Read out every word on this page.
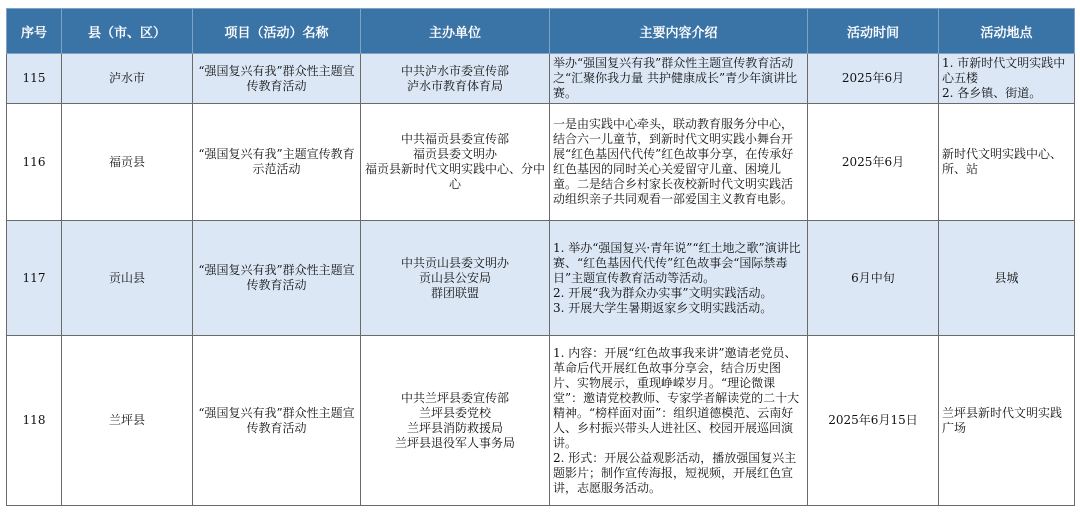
序号	县（市、区）	项目（活动）名称	主办单位	主要内容介绍	活动时间	活动地点
115	泸水市	“强国复兴有我”群众性主题宣传教育活动	中共泸水市委宣传部
泸水市教育体育局	举办“强国复兴有我”群众性主题宣传教育活动之“汇聚你我力量 共护健康成长”青少年演讲比赛。	2025年6月	1. 市新时代文明实践中心五楼
2. 各乡镇、街道。

116	福贡县	“强国复兴有我”主题宣传教育示范活动	中共福贡县委宣传部
福贡县委文明办
福贡县新时代文明实践中心、分中心	一是由实践中心牵头，联动教育服务分中心，结合六一儿童节，到新时代文明实践小舞台开展“红色基因代代传”红色故事分享，在传承好红色基因的同时关心关爱留守儿童、困境儿童。二是结合乡村家长夜校新时代文明实践活动组织亲子共同观看一部爱国主义教育电影。	2025年6月	新时代文明实践中心、所、站

117	贡山县	“强国复兴有我”群众性主题宣传教育活动	中共贡山县委文明办
贡山县公安局
群团联盟	1. 举办“强国复兴·青年说”“红土地之歌”演讲比赛、“红色基因代代传”红色故事会“国际禁毒日”主题宣传教育活动等活动。
2. 开展“我为群众办实事”文明实践活动。
3. 开展大学生暑期返家乡文明实践活动。	6月中旬	县城

118	兰坪县	“强国复兴有我”群众性主题宣传教育活动	中共兰坪县委宣传部
兰坪县委党校
兰坪县消防救援局
兰坪县退役军人事务局	1. 内容：开展“红色故事我来讲”邀请老党员、革命后代开展红色故事分享会，结合历史图片、实物展示，重现峥嵘岁月。“理论微课堂”：邀请党校教师、专家学者解读党的二十大精神。“榜样面对面”：组织道德模范、云南好人、乡村振兴带头人进社区、校园开展巡回演讲。
2. 形式：开展公益观影活动，播放强国复兴主题影片；制作宣传海报，短视频，开展红色宣讲，志愿服务活动。	2025年6月15日	兰坪县新时代文明实践广场
